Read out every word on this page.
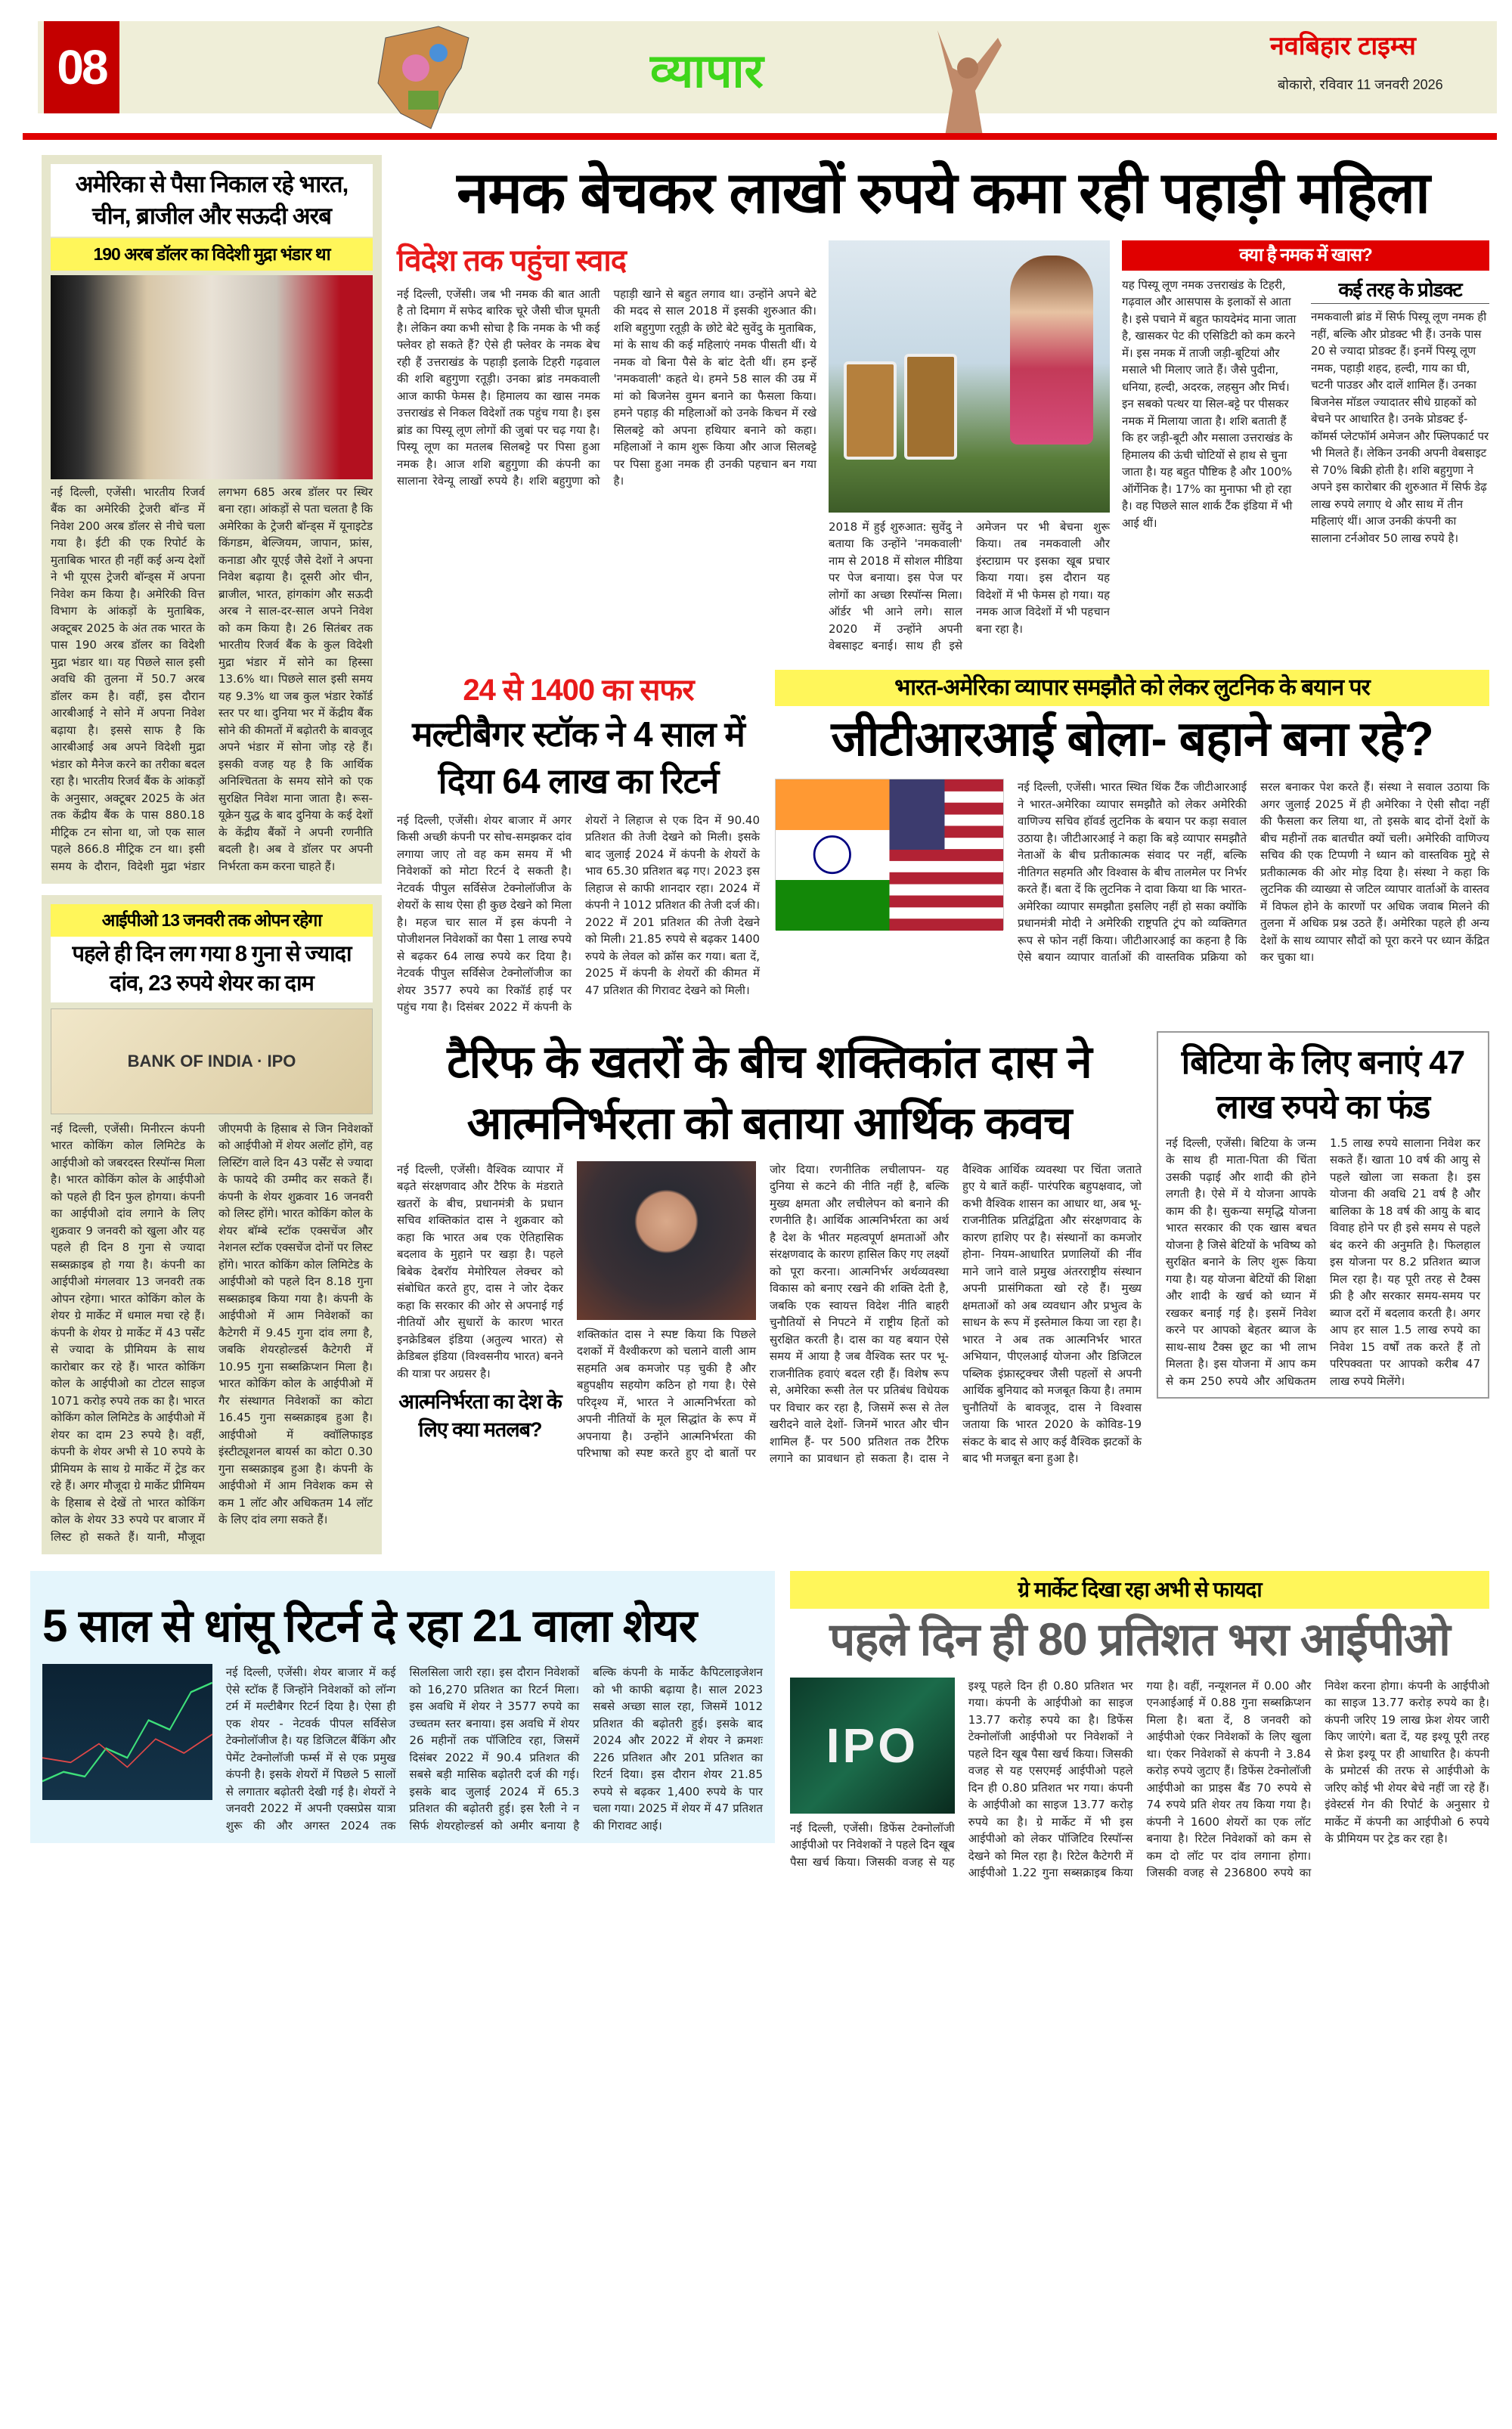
08	व्यापार	नवबिहार टाइम्स
बोकारो, रविवार 11 जनवरी 2026
अमेरिका से पैसा निकाल रहे भारत, चीन, ब्राजील और सऊदी अरब
190 अरब डॉलर का विदेशी मुद्रा भंडार था
नई दिल्ली, एजेंसी। भारतीय रिजर्व बैंक का अमेरिकी ट्रेजरी बॉन्ड में निवेश 200 अरब डॉलर से नीचे चला गया है। ईटी की एक रिपोर्ट के मुताबिक भारत ही नहीं कई अन्य देशों ने भी यूएस ट्रेजरी बॉन्ड्स में अपना निवेश कम किया है। अमेरिकी वित्त विभाग के आंकड़ों के मुताबिक, अक्टूबर 2025 के अंत तक भारत के पास 190 अरब डॉलर का विदेशी मुद्रा भंडार था। यह पिछले साल इसी अवधि की तुलना में 50.7 अरब डॉलर कम है। वहीं, इस दौरान आरबीआई ने सोने में अपना निवेश बढ़ाया है। इससे साफ है कि आरबीआई अब अपने विदेशी मुद्रा भंडार को मैनेज करने का तरीका बदल रहा है। भारतीय रिजर्व बैंक के आंकड़ों के अनुसार, अक्टूबर 2025 के अंत तक केंद्रीय बैंक के पास 880.18 मीट्रिक टन सोना था, जो एक साल पहले 866.8 मीट्रिक टन था। इसी समय के दौरान, विदेशी मुद्रा भंडार लगभग 685 अरब डॉलर पर स्थिर बना रहा। आंकड़ों से पता चलता है कि अमेरिका के ट्रेजरी बॉन्ड्स में यूनाइटेड किंगडम, बेल्जियम, जापान, फ्रांस, कनाडा और यूएई जैसे देशों ने अपना निवेश बढ़ाया है। दूसरी ओर चीन, ब्राजील, भारत, हांगकांग और सऊदी अरब ने साल-दर-साल अपने निवेश को कम किया है। 26 सितंबर तक भारतीय रिजर्व बैंक के कुल विदेशी मुद्रा भंडार में सोने का हिस्सा 13.6% था। पिछले साल इसी समय यह 9.3% था जब कुल भंडार रेकॉर्ड स्तर पर था। दुनिया भर में केंद्रीय बैंक सोने की कीमतों में बढ़ोतरी के बावजूद अपने भंडार में सोना जोड़ रहे हैं। इसकी वजह यह है कि आर्थिक अनिश्चितता के समय सोने को एक सुरक्षित निवेश माना जाता है। रूस-यूक्रेन युद्ध के बाद दुनिया के कई देशों के केंद्रीय बैंकों ने अपनी रणनीति बदली है। अब वे डॉलर पर अपनी निर्भरता कम करना चाहते हैं।
आईपीओ 13 जनवरी तक ओपन रहेगा
पहले ही दिन लग गया 8 गुना से ज्यादा दांव, 23 रुपये शेयर का दाम
BANK OF INDIA · IPO
नई दिल्ली, एजेंसी। मिनीरत्न कंपनी भारत कोकिंग कोल लिमिटेड के आईपीओ को जबरदस्त रिस्पॉन्स मिला है। भारत कोकिंग कोल के आईपीओ को पहले ही दिन फुल होगया। कंपनी का आईपीओ दांव लगाने के लिए शुक्रवार 9 जनवरी को खुला और यह पहले ही दिन 8 गुना से ज्यादा सब्सक्राइब हो गया है। कंपनी का आईपीओ मंगलवार 13 जनवरी तक ओपन रहेगा। भारत कोकिंग कोल के शेयर ग्रे मार्केट में धमाल मचा रहे हैं। कंपनी के शेयर ग्रे मार्केट में 43 पर्सेंट से ज्यादा के प्रीमियम के साथ कारोबार कर रहे हैं। भारत कोकिंग कोल के आईपीओ का टोटल साइज 1071 करोड़ रुपये तक का है। भारत कोकिंग कोल लिमिटेड के आईपीओ में शेयर का दाम 23 रुपये है। वहीं, कंपनी के शेयर अभी से 10 रुपये के प्रीमियम के साथ ग्रे मार्केट में ट्रेड कर रहे हैं। अगर मौजूदा ग्रे मार्केट प्रीमियम के हिसाब से देखें तो भारत कोकिंग कोल के शेयर 33 रुपये पर बाजार में लिस्ट हो सकते हैं। यानी, मौजूदा जीएमपी के हिसाब से जिन निवेशकों को आईपीओ में शेयर अलॉट होंगे, वह लिस्टिंग वाले दिन 43 पर्सेंट से ज्यादा के फायदे की उम्मीद कर सकते हैं। कंपनी के शेयर शुक्रवार 16 जनवरी को लिस्ट होंगे। भारत कोकिंग कोल के शेयर बॉम्बे स्टॉक एक्सचेंज और नेशनल स्टॉक एक्सचेंज दोनों पर लिस्ट होंगे। भारत कोकिंग कोल लिमिटेड के आईपीओ को पहले दिन 8.18 गुना सब्सक्राइब किया गया है। कंपनी के आईपीओ में आम निवेशकों का कैटेगरी में 9.45 गुना दांव लगा है, जबकि शेयरहोल्डर्स कैटेगरी में 10.95 गुना सब्सक्रिप्शन मिला है। भारत कोकिंग कोल के आईपीओ में गैर संस्थागत निवेशकों का कोटा 16.45 गुना सब्सक्राइब हुआ है। आईपीओ में क्वॉलिफाइड इंस्टीट्यूशनल बायर्स का कोटा 0.30 गुना सब्सक्राइब हुआ है। कंपनी के आईपीओ में आम निवेशक कम से कम 1 लॉट और अधिकतम 14 लॉट के लिए दांव लगा सकते हैं।
नमक बेचकर लाखों रुपये कमा रही पहाड़ी महिला
विदेश तक पहुंचा स्वाद
नई दिल्ली, एजेंसी। जब भी नमक की बात आती है तो दिमाग में सफेद बारिक चूरे जैसी चीज घूमती है। लेकिन क्या कभी सोचा है कि नमक के भी कई फ्लेवर हो सकते हैं? ऐसे ही फ्लेवर के नमक बेच रही हैं उत्तराखंड के पहाड़ी इलाके टिहरी गढ़वाल की शशि बहुगुणा रतूड़ी। उनका ब्रांड नमकवाली आज काफी फेमस है। हिमालय का खास नमक उत्तराखंड से निकल विदेशों तक पहुंच गया है। इस ब्रांड का पिस्यू लूण लोगों की जुबां पर चढ़ गया है। पिस्यू लूण का मतलब सिलबट्टे पर पिसा हुआ नमक है। आज शशि बहुगुणा की कंपनी का सालाना रेवेन्यू लाखों रुपये है। शशि बहुगुणा को पहाड़ी खाने से बहुत लगाव था। उन्होंने अपने बेटे की मदद से साल 2018 में इसकी शुरुआत की। शशि बहुगुणा रतूड़ी के छोटे बेटे सुवेंदु के मुताबिक, मां के साथ की कई महिलाएं नमक पीसती थीं। ये नमक वो बिना पैसे के बांट देती थीं। हम इन्हें 'नमकवाली' कहते थे। हमने 58 साल की उम्र में मां को बिजनेस वुमन बनाने का फैसला किया। हमने पहाड़ की महिलाओं को उनके किचन में रखे सिलबट्टे को अपना हथियार बनाने को कहा। महिलाओं ने काम शुरू किया और आज सिलबट्टे पर पिसा हुआ नमक ही उनकी पहचान बन गया है।
2018 में हुई शुरुआत: सुवेंदु ने बताया कि उन्होंने 'नमकवाली' नाम से 2018 में सोशल मीडिया पर पेज बनाया। इस पेज पर लोगों का अच्छा रिस्पॉन्स मिला। ऑर्डर भी आने लगे। साल 2020 में उन्होंने अपनी वेबसाइट बनाई। साथ ही इसे अमेजन पर भी बेचना शुरू किया। तब नमकवाली और इंस्टाग्राम पर इसका खूब प्रचार किया गया। इस दौरान यह विदेशों में भी फेमस हो गया। यह नमक आज विदेशों में भी पहचान बना रहा है।
क्या है नमक में खास?
यह पिस्यू लूण नमक उत्तराखंड के टिहरी, गढ़वाल और आसपास के इलाकों से आता है। इसे पचाने में बहुत फायदेमंद माना जाता है, खासकर पेट की एसिडिटी को कम करने में। इस नमक में ताजी जड़ी-बूटियां और मसाले भी मिलाए जाते हैं। जैसे पुदीना, धनिया, हल्दी, अदरक, लहसुन और मिर्च। इन सबको पत्थर या सिल-बट्टे पर पीसकर नमक में मिलाया जाता है। शशि बताती हैं कि हर जड़ी-बूटी और मसाला उत्तराखंड के हिमालय की ऊंची चोटियों से हाथ से चुना जाता है। यह बहुत पौष्टिक है और 100% ऑर्गेनिक है। 17% का मुनाफा भी हो रहा है। वह पिछले साल शार्क टैंक इंडिया में भी आई थीं।
कई तरह के प्रोडक्ट
नमकवाली ब्रांड में सिर्फ पिस्यू लूण नमक ही नहीं, बल्कि और प्रोडक्ट भी हैं। उनके पास 20 से ज्यादा प्रोडक्ट हैं। इनमें पिस्यू लूण नमक, पहाड़ी शहद, हल्दी, गाय का घी, चटनी पाउडर और दालें शामिल हैं। उनका बिजनेस मॉडल ज्यादातर सीधे ग्राहकों को बेचने पर आधारित है। उनके प्रोडक्ट ई-कॉमर्स प्लेटफॉर्म अमेजन और फ्लिपकार्ट पर भी मिलते हैं। लेकिन उनकी अपनी वेबसाइट से 70% बिक्री होती है। शशि बहुगुणा ने अपने इस कारोबार की शुरुआत में सिर्फ डेढ़ लाख रुपये लगाए थे और साथ में तीन महिलाएं थीं। आज उनकी कंपनी का सालाना टर्नओवर 50 लाख रुपये है।
24 से 1400 का सफर
मल्टीबैगर स्टॉक ने 4 साल में दिया 64 लाख का रिटर्न
नई दिल्ली, एजेंसी। शेयर बाजार में अगर किसी अच्छी कंपनी पर सोच-समझकर दांव लगाया जाए तो वह कम समय में भी निवेशकों को मोटा रिटर्न दे सकती है। नेटवर्क पीपुल सर्विसेज टेक्नोलॉजीज के शेयरों के साथ ऐसा ही कुछ देखने को मिला है। महज चार साल में इस कंपनी ने पोजीशनल निवेशकों का पैसा 1 लाख रुपये से बढ़कर 64 लाख रुपये कर दिया है। नेटवर्क पीपुल सर्विसेज टेक्नोलॉजीज का शेयर 3577 रुपये का रिकॉर्ड हाई पर पहुंच गया है। दिसंबर 2022 में कंपनी के शेयरों ने लिहाज से एक दिन में 90.40 प्रतिशत की तेजी देखने को मिली। इसके बाद जुलाई 2024 में कंपनी के शेयरों के भाव 65.30 प्रतिशत बढ़ गए। 2023 इस लिहाज से काफी शानदार रहा। 2024 में कंपनी ने 1012 प्रतिशत की तेजी दर्ज की। 2022 में 201 प्रतिशत की तेजी देखने को मिली। 21.85 रुपये से बढ़कर 1400 रुपये के लेवल को क्रॉस कर गया। बता दें, 2025 में कंपनी के शेयरों की कीमत में 47 प्रतिशत की गिरावट देखने को मिली।
भारत-अमेरिका व्यापार समझौते को लेकर लुटनिक के बयान पर
जीटीआरआई बोला- बहाने बना रहे?
नई दिल्ली, एजेंसी। भारत स्थित थिंक टैंक जीटीआरआई ने भारत-अमेरिका व्यापार समझौते को लेकर अमेरिकी वाणिज्य सचिव हॉवर्ड लुटनिक के बयान पर कड़ा सवाल उठाया है। जीटीआरआई ने कहा कि बड़े व्यापार समझौते नेताओं के बीच प्रतीकात्मक संवाद पर नहीं, बल्कि नीतिगत सहमति और विश्वास के बीच तालमेल पर निर्भर करते हैं। बता दें कि लुटनिक ने दावा किया था कि भारत-अमेरिका व्यापार समझौता इसलिए नहीं हो सका क्योंकि प्रधानमंत्री मोदी ने अमेरिकी राष्ट्रपति ट्रंप को व्यक्तिगत रूप से फोन नहीं किया। जीटीआरआई का कहना है कि ऐसे बयान व्यापार वार्ताओं की वास्तविक प्रक्रिया को सरल बनाकर पेश करते हैं। संस्था ने सवाल उठाया कि अगर जुलाई 2025 में ही अमेरिका ने ऐसी सौदा नहीं की फैसला कर लिया था, तो इसके बाद दोनों देशों के बीच महीनों तक बातचीत क्यों चली। अमेरिकी वाणिज्य सचिव की एक टिप्पणी ने ध्यान को वास्तविक मुद्दे से प्रतीकात्मक की ओर मोड़ दिया है। संस्था ने कहा कि लुटनिक की व्याख्या से जटिल व्यापार वार्ताओं के वास्तव में विफल होने के कारणों पर अधिक जवाब मिलने की तुलना में अधिक प्रश्न उठते हैं। अमेरिका पहले ही अन्य देशों के साथ व्यापार सौदों को पूरा करने पर ध्यान केंद्रित कर चुका था।
टैरिफ के खतरों के बीच शक्तिकांत दास ने आत्मनिर्भरता को बताया आर्थिक कवच
नई दिल्ली, एजेंसी। वैश्विक व्यापार में बढ़ते संरक्षणवाद और टैरिफ के मंडराते खतरों के बीच, प्रधानमंत्री के प्रधान सचिव शक्तिकांत दास ने शुक्रवार को कहा कि भारत अब एक ऐतिहासिक बदलाव के मुहाने पर खड़ा है। पहले बिबेक देबरॉय मेमोरियल लेक्चर को संबोधित करते हुए, दास ने जोर देकर कहा कि सरकार की ओर से अपनाई गई नीतियों और सुधारों के कारण भारत इनक्रेडिबल इंडिया (अतुल्य भारत) से क्रेडिबल इंडिया (विश्वसनीय भारत) बनने की यात्रा पर अग्रसर है।
आत्मनिर्भरता का देश के लिए क्या मतलब?
शक्तिकांत दास ने स्पष्ट किया कि पिछले दशकों में वैश्वीकरण को चलाने वाली आम सहमति अब कमजोर पड़ चुकी है और बहुपक्षीय सहयोग कठिन हो गया है। ऐसे परिदृश्य में, भारत ने आत्मनिर्भरता को अपनी नीतियों के मूल सिद्धांत के रूप में अपनाया है। उन्होंने आत्मनिर्भरता की परिभाषा को स्पष्ट करते हुए दो बातों पर जोर दिया। रणनीतिक लचीलापन- यह दुनिया से कटने की नीति नहीं है, बल्कि मुख्य क्षमता और लचीलेपन को बनाने की रणनीति है। आर्थिक आत्मनिर्भरता का अर्थ है देश के भीतर महत्वपूर्ण क्षमताओं और संरक्षणवाद के कारण हासिल किए गए लक्ष्यों को पूरा करना। आत्मनिर्भर अर्थव्यवस्था विकास को बनाए रखने की शक्ति देती है, जबकि एक स्वायत्त विदेश नीति बाहरी चुनौतियों से निपटने में राष्ट्रीय हितों को सुरक्षित करती है। दास का यह बयान ऐसे समय में आया है जब वैश्विक स्तर पर भू-राजनीतिक हवाएं बदल रही हैं। विशेष रूप से, अमेरिका रूसी तेल पर प्रतिबंध विधेयक पर विचार कर रहा है, जिसमें रूस से तेल खरीदने वाले देशों- जिनमें भारत और चीन शामिल हैं- पर 500 प्रतिशत तक टैरिफ लगाने का प्रावधान हो सकता है। दास ने वैश्विक आर्थिक व्यवस्था पर चिंता जताते हुए ये बातें कहीं- पारंपरिक बहुपक्षवाद, जो कभी वैश्विक शासन का आधार था, अब भू-राजनीतिक प्रतिद्वंद्विता और संरक्षणवाद के कारण हाशिए पर है। संस्थानों का कमजोर होना- नियम-आधारित प्रणालियों की नींव माने जाने वाले प्रमुख अंतरराष्ट्रीय संस्थान अपनी प्रासंगिकता खो रहे हैं। मुख्य क्षमताओं को अब व्यवधान और प्रभुत्व के साधन के रूप में इस्तेमाल किया जा रहा है। भारत ने अब तक आत्मनिर्भर भारत अभियान, पीएलआई योजना और डिजिटल पब्लिक इंफ्रास्ट्रक्चर जैसी पहलों से अपनी आर्थिक बुनियाद को मजबूत किया है। तमाम चुनौतियों के बावजूद, दास ने विश्वास जताया कि भारत 2020 के कोविड-19 संकट के बाद से आए कई वैश्विक झटकों के बाद भी मजबूत बना हुआ है।
बिटिया के लिए बनाएं 47 लाख रुपये का फंड
नई दिल्ली, एजेंसी। बिटिया के जन्म के साथ ही माता-पिता की चिंता उसकी पढ़ाई और शादी की होने लगती है। ऐसे में ये योजना आपके काम की है। सुकन्या समृद्धि योजना भारत सरकार की एक खास बचत योजना है जिसे बेटियों के भविष्य को सुरक्षित बनाने के लिए शुरू किया गया है। यह योजना बेटियों की शिक्षा और शादी के खर्च को ध्यान में रखकर बनाई गई है। इसमें निवेश करने पर आपको बेहतर ब्याज के साथ-साथ टैक्स छूट का भी लाभ मिलता है। इस योजना में आप कम से कम 250 रुपये और अधिकतम 1.5 लाख रुपये सालाना निवेश कर सकते हैं। खाता 10 वर्ष की आयु से पहले खोला जा सकता है। इस योजना की अवधि 21 वर्ष है और बालिका के 18 वर्ष की आयु के बाद विवाह होने पर ही इसे समय से पहले बंद करने की अनुमति है। फिलहाल इस योजना पर 8.2 प्रतिशत ब्याज मिल रहा है। यह पूरी तरह से टैक्स फ्री है और सरकार समय-समय पर ब्याज दरों में बदलाव करती है। अगर आप हर साल 1.5 लाख रुपये का निवेश 15 वर्षों तक करते हैं तो परिपक्वता पर आपको करीब 47 लाख रुपये मिलेंगे।
5 साल से धांसू रिटर्न दे रहा 21 वाला शेयर
नई दिल्ली, एजेंसी। शेयर बाजार में कई ऐसे स्टॉक हैं जिन्होंने निवेशकों को लॉन्ग टर्म में मल्टीबैगर रिटर्न दिया है। ऐसा ही एक शेयर - नेटवर्क पीपल सर्विसेज टेक्नोलॉजीज है। यह डिजिटल बैंकिंग और पेमेंट टेक्नोलॉजी फर्म्स में से एक प्रमुख कंपनी है। इसके शेयरों में पिछले 5 सालों से लगातार बढ़ोतरी देखी गई है। शेयरों ने जनवरी 2022 में अपनी एक्सप्रेस यात्रा शुरू की और अगस्त 2024 तक सिलसिला जारी रहा। इस दौरान निवेशकों को 16,270 प्रतिशत का रिटर्न मिला। इस अवधि में शेयर ने 3577 रुपये का उच्चतम स्तर बनाया। इस अवधि में शेयर 26 महीनों तक पॉजिटिव रहा, जिसमें दिसंबर 2022 में 90.4 प्रतिशत की सबसे बड़ी मासिक बढ़ोतरी दर्ज की गई। इसके बाद जुलाई 2024 में 65.3 प्रतिशत की बढ़ोतरी हुई। इस रैली ने न सिर्फ शेयरहोल्डर्स को अमीर बनाया है बल्कि कंपनी के मार्केट कैपिटलाइजेशन को भी काफी बढ़ाया है। साल 2023 सबसे अच्छा साल रहा, जिसमें 1012 प्रतिशत की बढ़ोतरी हुई। इसके बाद 2024 और 2022 में शेयर ने क्रमशः 226 प्रतिशत और 201 प्रतिशत का रिटर्न दिया। इस दौरान शेयर 21.85 रुपये से बढ़कर 1,400 रुपये के पार चला गया। 2025 में शेयर में 47 प्रतिशत की गिरावट आई।
ग्रे मार्केट दिखा रहा अभी से फायदा
पहले दिन ही 80 प्रतिशत भरा आईपीओ
IPO
नई दिल्ली, एजेंसी। डिफेंस टेक्नोलॉजी आईपीओ पर निवेशकों ने पहले दिन खूब पैसा खर्च किया। जिसकी वजह से यह इश्यू पहले दिन ही 0.80 प्रतिशत भर गया। कंपनी के आईपीओ का साइज 13.77 करोड़ रुपये का है। डिफेंस टेक्नोलॉजी आईपीओ पर निवेशकों ने पहले दिन खूब पैसा खर्च किया। जिसकी वजह से यह एसएमई आईपीओ पहले दिन ही 0.80 प्रतिशत भर गया। कंपनी के आईपीओ का साइज 13.77 करोड़ रुपये का है। ग्रे मार्केट में भी इस आईपीओ को लेकर पॉजिटिव रिस्पॉन्स देखने को मिल रहा है। रिटेल कैटेगरी में आईपीओ 1.22 गुना सब्सक्राइब किया गया है। वहीं, नन्यूशनल में 0.00 और एनआईआई में 0.88 गुना सब्सक्रिप्शन मिला है। बता दें, 8 जनवरी को आईपीओ एंकर निवेशकों के लिए खुला था। एंकर निवेशकों से कंपनी ने 3.84 करोड़ रुपये जुटाए हैं। डिफेंस टेक्नोलॉजी आईपीओ का प्राइस बैंड 70 रुपये से 74 रुपये प्रति शेयर तय किया गया है। कंपनी ने 1600 शेयरों का एक लॉट बनाया है। रिटेल निवेशकों को कम से कम दो लॉट पर दांव लगाना होगा। जिसकी वजह से 236800 रुपये का निवेश करना होगा। कंपनी के आईपीओ का साइज 13.77 करोड़ रुपये का है। कंपनी जरिए 19 लाख फ्रेश शेयर जारी किए जाएंगे। बता दें, यह इश्यू पूरी तरह से फ्रेश इश्यू पर ही आधारित है। कंपनी के प्रमोटर्स की तरफ से आईपीओ के जरिए कोई भी शेयर बेचे नहीं जा रहे हैं। इंवेस्टर्स गेन की रिपोर्ट के अनुसार ग्रे मार्केट में कंपनी का आईपीओ 6 रुपये के प्रीमियम पर ट्रेड कर रहा है।
